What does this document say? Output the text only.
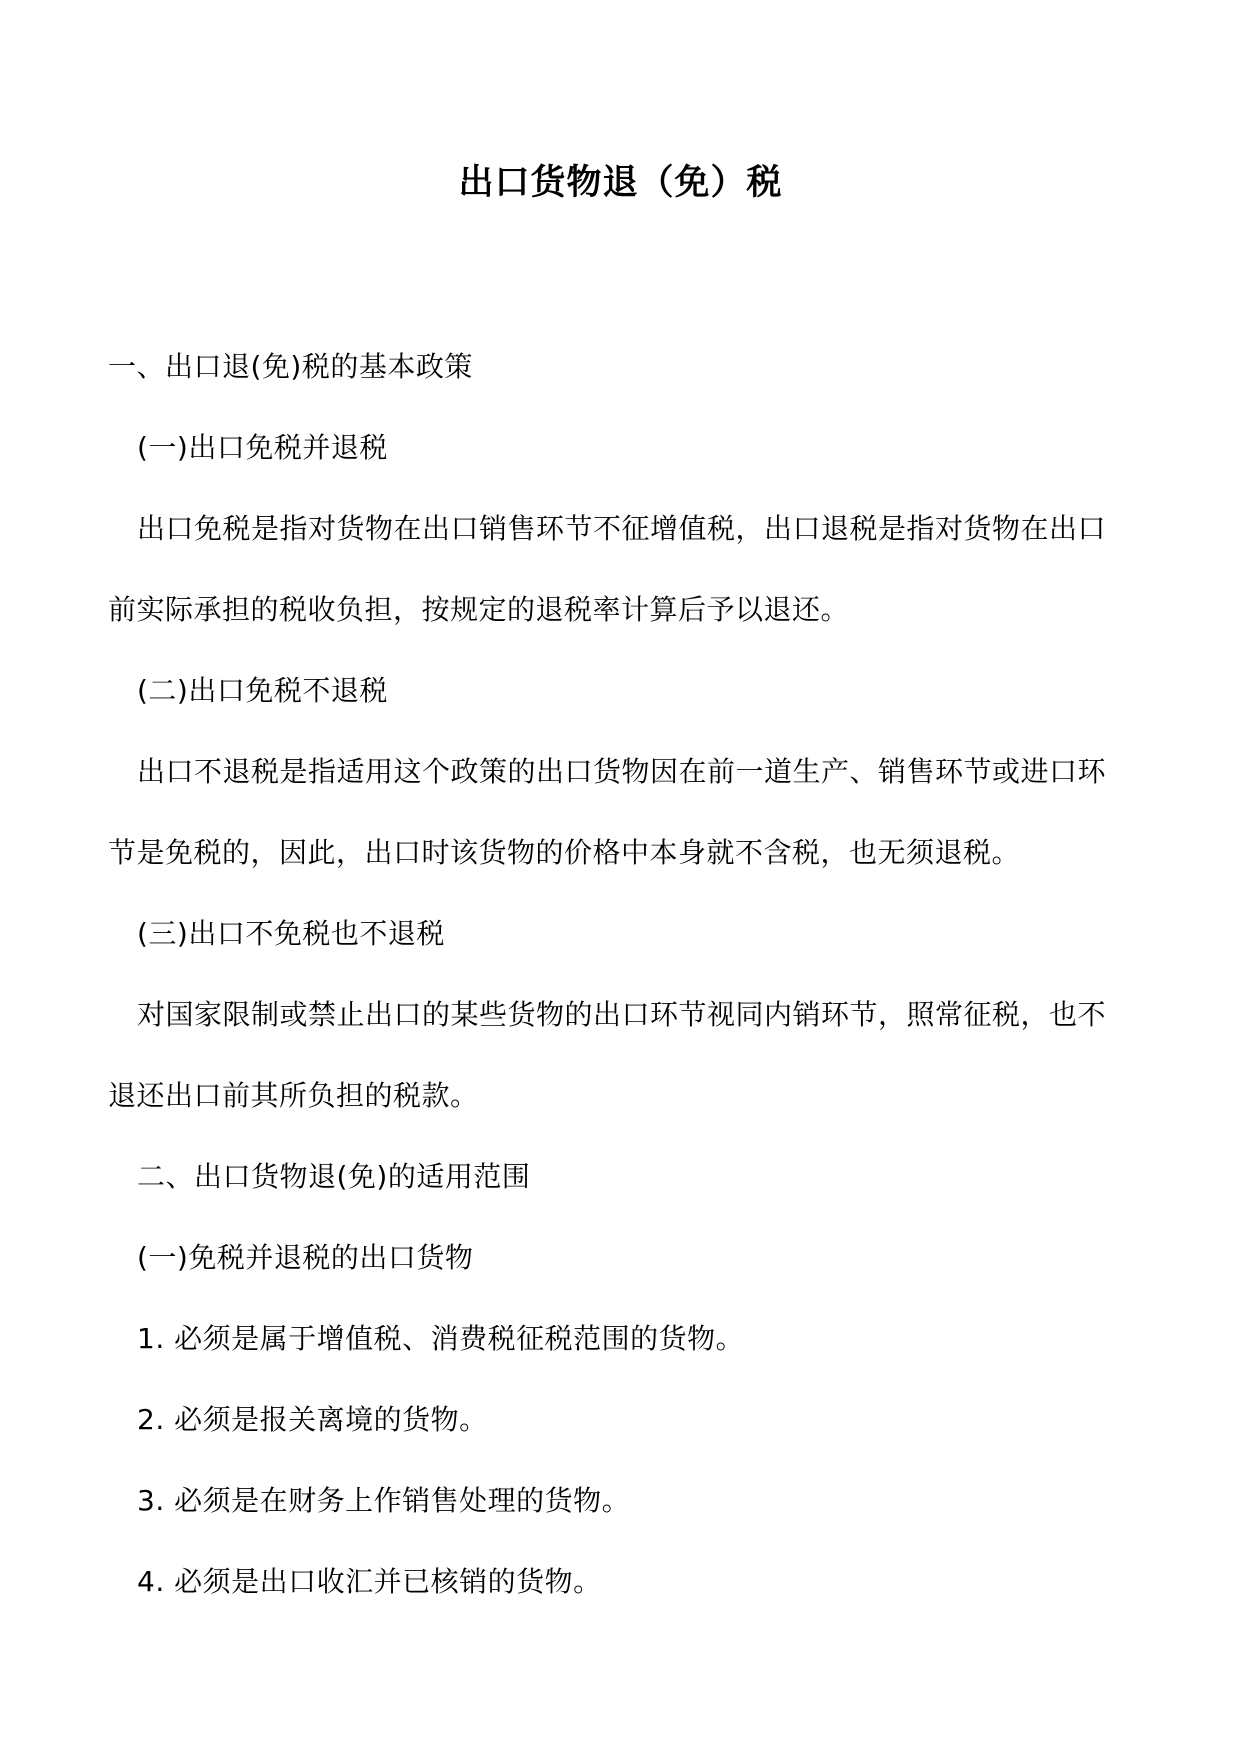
出口货物退（免）税
一、出口退(免)税的基本政策
(一)出口免税并退税
出口免税是指对货物在出口销售环节不征增值税，出口退税是指对货物在出口
前实际承担的税收负担，按规定的退税率计算后予以退还。
(二)出口免税不退税
出口不退税是指适用这个政策的出口货物因在前一道生产、销售环节或进口环
节是免税的，因此，出口时该货物的价格中本身就不含税，也无须退税。
(三)出口不免税也不退税
对国家限制或禁止出口的某些货物的出口环节视同内销环节，照常征税，也不
退还出口前其所负担的税款。
二、出口货物退(免)的适用范围
(一)免税并退税的出口货物
1. 必须是属于增值税、消费税征税范围的货物。
2. 必须是报关离境的货物。
3. 必须是在财务上作销售处理的货物。
4. 必须是出口收汇并已核销的货物。
